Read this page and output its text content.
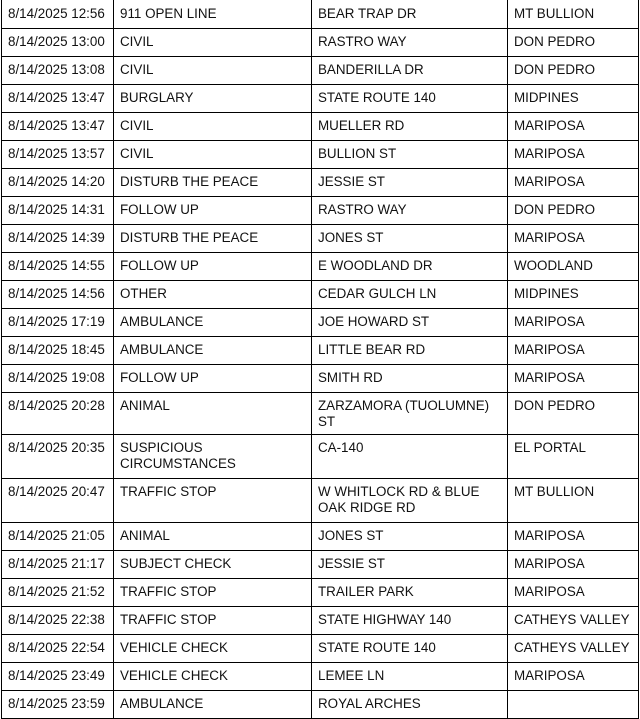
8/14/2025 12:56	911 OPEN LINE	BEAR TRAP DR	MT BULLION
8/14/2025 13:00	CIVIL	RASTRO WAY	DON PEDRO
8/14/2025 13:08	CIVIL	BANDERILLA DR	DON PEDRO
8/14/2025 13:47	BURGLARY	STATE ROUTE 140	MIDPINES
8/14/2025 13:47	CIVIL	MUELLER RD	MARIPOSA
8/14/2025 13:57	CIVIL	BULLION ST	MARIPOSA
8/14/2025 14:20	DISTURB THE PEACE	JESSIE ST	MARIPOSA
8/14/2025 14:31	FOLLOW UP	RASTRO WAY	DON PEDRO
8/14/2025 14:39	DISTURB THE PEACE	JONES ST	MARIPOSA
8/14/2025 14:55	FOLLOW UP	E WOODLAND DR	WOODLAND
8/14/2025 14:56	OTHER	CEDAR GULCH LN	MIDPINES
8/14/2025 17:19	AMBULANCE	JOE HOWARD ST	MARIPOSA
8/14/2025 18:45	AMBULANCE	LITTLE BEAR RD	MARIPOSA
8/14/2025 19:08	FOLLOW UP	SMITH RD	MARIPOSA
8/14/2025 20:28	ANIMAL	ZARZAMORA (TUOLUMNE) ST	DON PEDRO
8/14/2025 20:35	SUSPICIOUS CIRCUMSTANCES	CA-140	EL PORTAL
8/14/2025 20:47	TRAFFIC STOP	W WHITLOCK RD & BLUE OAK RIDGE RD	MT BULLION
8/14/2025 21:05	ANIMAL	JONES ST	MARIPOSA
8/14/2025 21:17	SUBJECT CHECK	JESSIE ST	MARIPOSA
8/14/2025 21:52	TRAFFIC STOP	TRAILER PARK	MARIPOSA
8/14/2025 22:38	TRAFFIC STOP	STATE HIGHWAY 140	CATHEYS VALLEY
8/14/2025 22:54	VEHICLE CHECK	STATE ROUTE 140	CATHEYS VALLEY
8/14/2025 23:49	VEHICLE CHECK	LEMEE LN	MARIPOSA
8/14/2025 23:59	AMBULANCE	ROYAL ARCHES	
